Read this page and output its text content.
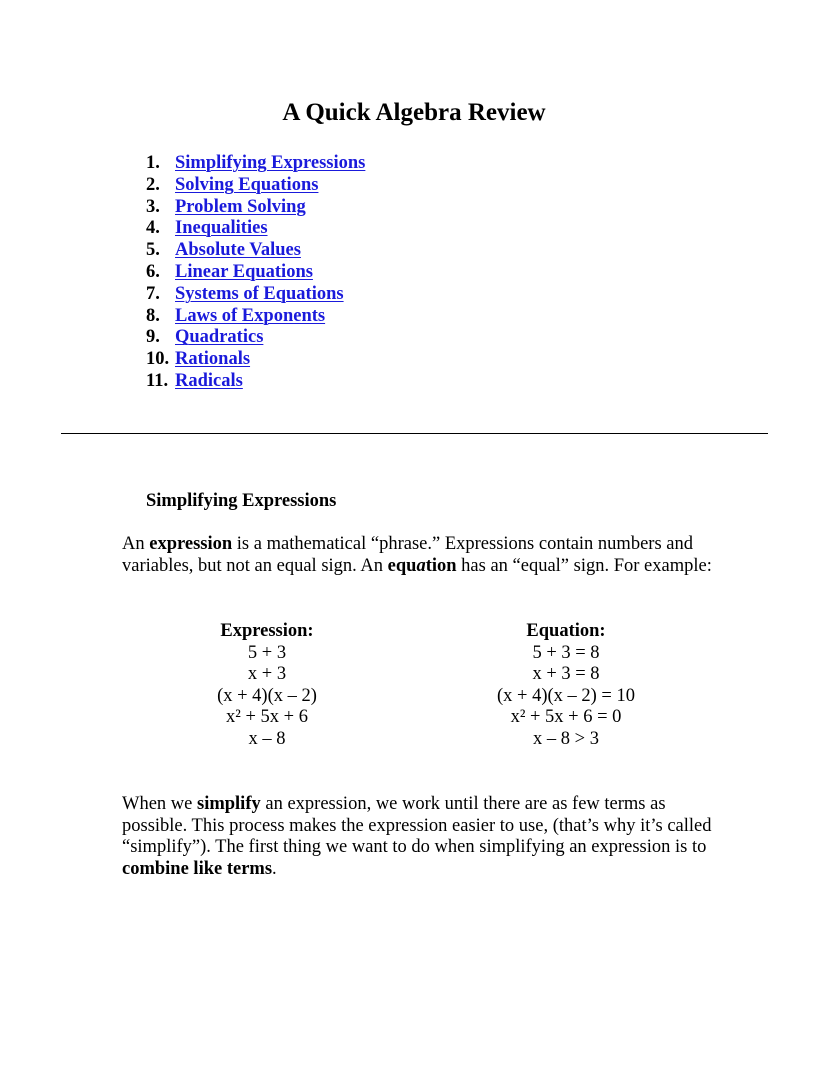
A Quick Algebra Review
1. Simplifying Expressions
2. Solving Equations
3. Problem Solving
4. Inequalities
5. Absolute Values
6. Linear Equations
7. Systems of Equations
8. Laws of Exponents
9. Quadratics
10. Rationals
11. Radicals
Simplifying Expressions

An expression is a mathematical “phrase.” Expressions contain numbers and variables, but not an equal sign. An equation has an “equal” sign. For example:

Expression:
5 + 3
x + 3
(x + 4)(x – 2)
x² + 5x + 6
x – 8
Equation:
5 + 3 = 8
x + 3 = 8
(x + 4)(x – 2) = 10
x² + 5x + 6 = 0
x – 8 > 3

When we simplify an expression, we work until there are as few terms as possible. This process makes the expression easier to use, (that’s why it’s called “simplify”). The first thing we want to do when simplifying an expression is to combine like terms.
